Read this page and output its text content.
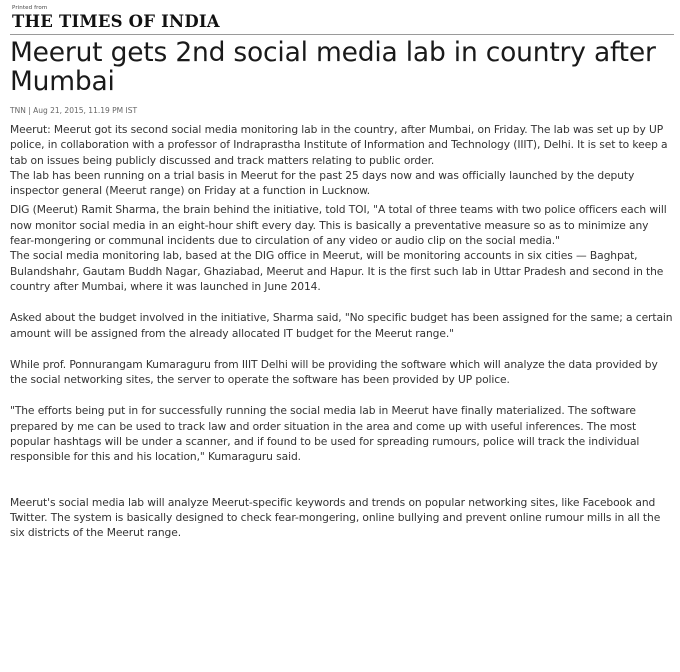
Printed from
THE TIMES OF INDIA
Meerut gets 2nd social media lab in country after Mumbai
TNN | Aug 21, 2015, 11.19 PM IST

Meerut: Meerut got its second social media monitoring lab in the country, after Mumbai, on Friday. The lab was set up by UP police, in collaboration with a professor of Indraprastha Institute of Information and Technology (IIIT), Delhi. It is set to keep a tab on issues being publicly discussed and track matters relating to public order.

The lab has been running on a trial basis in Meerut for the past 25 days now and was officially launched by the deputy inspector general (Meerut range) on Friday at a function in Lucknow.

DIG (Meerut) Ramit Sharma, the brain behind the initiative, told TOI, "A total of three teams with two police officers each will now monitor social media in an eight-hour shift every day. This is basically a preventative measure so as to minimize any fear-mongering or communal incidents due to circulation of any video or audio clip on the social media."

The social media monitoring lab, based at the DIG office in Meerut, will be monitoring accounts in six cities — Baghpat, Bulandshahr, Gautam Buddh Nagar, Ghaziabad, Meerut and Hapur. It is the first such lab in Uttar Pradesh and second in the country after Mumbai, where it was launched in June 2014.

Asked about the budget involved in the initiative, Sharma said, "No specific budget has been assigned for the same; a certain amount will be assigned from the already allocated IT budget for the Meerut range."

While prof. Ponnurangam Kumaraguru from IIIT Delhi will be providing the software which will analyze the data provided by the social networking sites, the server to operate the software has been provided by UP police.

"The efforts being put in for successfully running the social media lab in Meerut have finally materialized. The software prepared by me can be used to track law and order situation in the area and come up with useful inferences. The most popular hashtags will be under a scanner, and if found to be used for spreading rumours, police will track the individual responsible for this and his location," Kumaraguru said.

Meerut's social media lab will analyze Meerut-specific keywords and trends on popular networking sites, like Facebook and Twitter. The system is basically designed to check fear-mongering, online bullying and prevent online rumour mills in all the six districts of the Meerut range.
